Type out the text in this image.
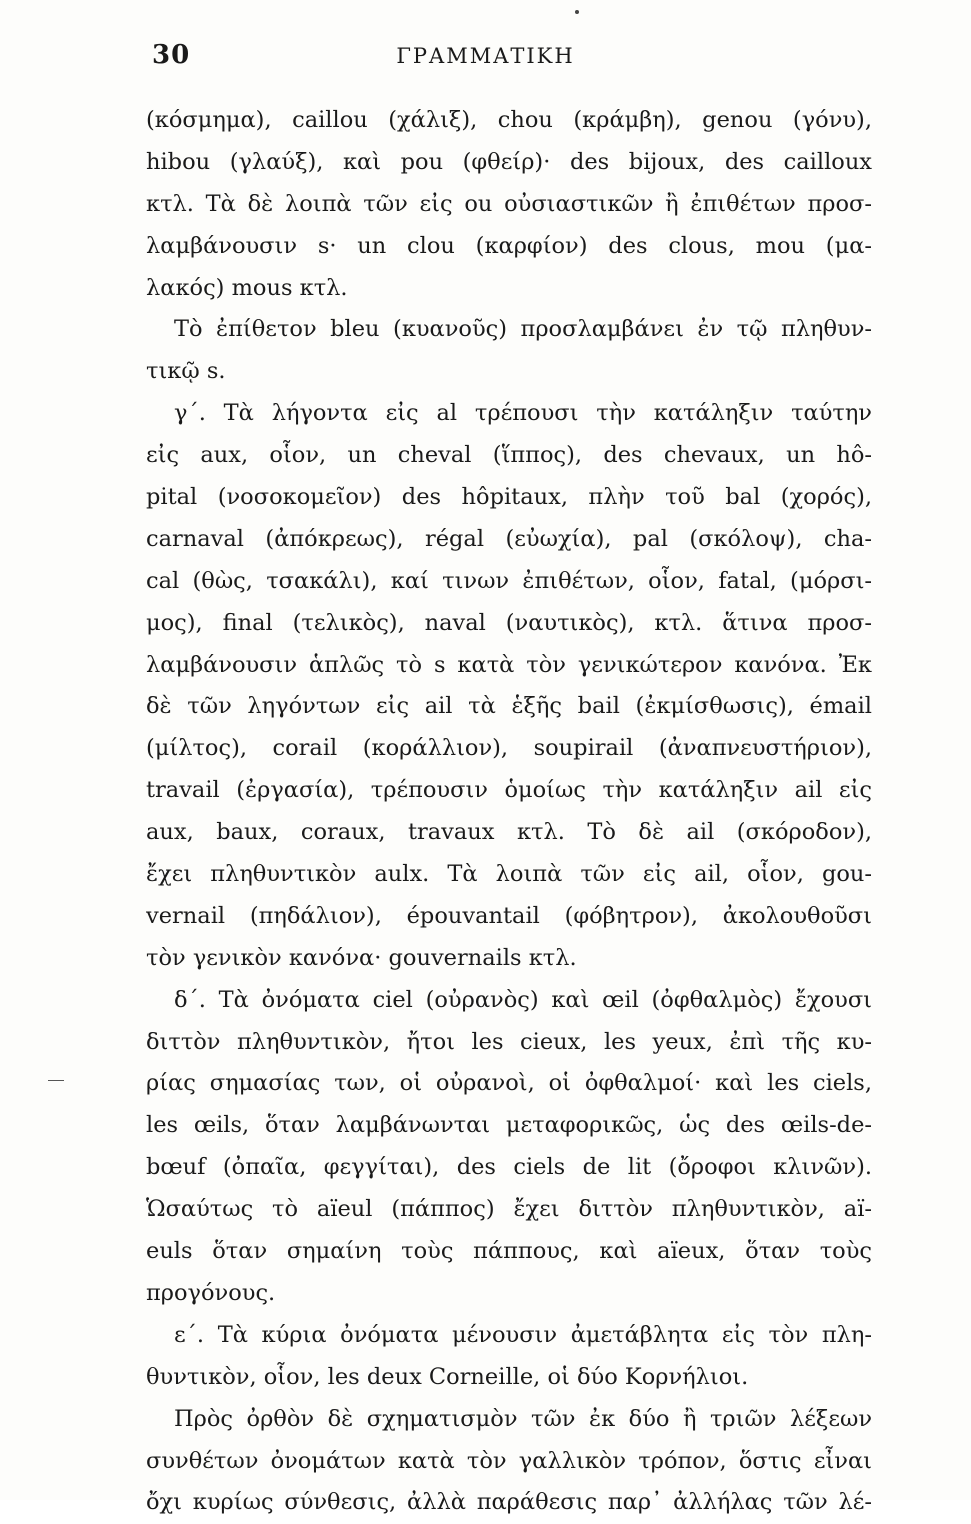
30	ΓΡΑΜΜΑΤΙΚΗ
(κόσμημα), caillou (χάλιξ), chou (κράμβη), genou (γόνυ),
hibou (γλαύξ), καὶ pou (φθείρ)· des bijoux, des cailloux
κτλ. Τὰ δὲ λοιπὰ τῶν εἰς ou οὐσιαστικῶν ἢ ἐπιθέτων προσ-
λαμβάνουσιν s· un clou (καρφίον) des clous, mou (μα-
λακός) mous κτλ.
Τὸ ἐπίθετον bleu (κυανοῦς) προσλαμβάνει ἐν τῷ πληθυν-
τικῷ s.
γ΄. Τὰ λήγοντα εἰς al τρέπουσι τὴν κατάληξιν ταύτην
εἰς aux, οἷον, un cheval (ἵππος), des chevaux, un hô-
pital (νοσοκομεῖον) des hôpitaux, πλὴν τοῦ bal (χορός),
carnaval (ἀπόκρεως), régal (εὐωχία), pal (σκόλοψ), cha-
cal (θὼς, τσακάλι), καί τινων ἐπιθέτων, οἷον, fatal, (μόρσι-
μος), final (τελικὸς), naval (ναυτικὸς), κτλ. ἅτινα προσ-
λαμβάνουσιν ἁπλῶς τὸ s κατὰ τὸν γενικώτερον κανόνα. Ἐκ
δὲ τῶν ληγόντων εἰς ail τὰ ἑξῆς bail (ἐκμίσθωσις), émail
(μίλτος), corail (κοράλλιον), soupirail (ἀναπνευστήριον),
travail (ἐργασία), τρέπουσιν ὁμοίως τὴν κατάληξιν ail εἰς
aux, baux, coraux, travaux κτλ. Τὸ δὲ ail (σκόροδον),
ἔχει πληθυντικὸν aulx. Τὰ λοιπὰ τῶν εἰς ail, οἷον, gou-
vernail (πηδάλιον), épouvantail (φόβητρον), ἀκολουθοῦσι
τὸν γενικὸν κανόνα· gouvernails κτλ.
δ΄. Τὰ ὀνόματα ciel (οὐρανὸς) καὶ œil (ὀφθαλμὸς) ἔχουσι
διττὸν πληθυντικὸν, ἤτοι les cieux, les yeux, ἐπὶ τῆς κυ-
ρίας σημασίας των, οἱ οὐρανοὶ, οἱ ὀφθαλμοί· καὶ les ciels,
les œils, ὅταν λαμβάνωνται μεταφορικῶς, ὡς des œils-de-
bœuf (ὀπαῖα, φεγγίται), des ciels de lit (ὄροφοι κλινῶν).
Ὡσαύτως τὸ aïeul (πάππος) ἔχει διττὸν πληθυντικὸν, aï-
euls ὅταν σημαίνη τοὺς πάππους, καὶ aïeux, ὅταν τοὺς
προγόνους.
ε΄. Τὰ κύρια ὀνόματα μένουσιν ἀμετάβλητα εἰς τὸν πλη-
θυντικὸν, οἷον, les deux Corneille, οἱ δύο Κορνήλιοι.
Πρὸς ὀρθὸν δὲ σχηματισμὸν τῶν ἐκ δύο ἢ τριῶν λέξεων
συνθέτων ὀνομάτων κατὰ τὸν γαλλικὸν τρόπον, ὅστις εἶναι
ὄχι κυρίως σύνθεσις, ἀλλὰ παράθεσις παρ᾽ ἀλλήλας τῶν λέ-
